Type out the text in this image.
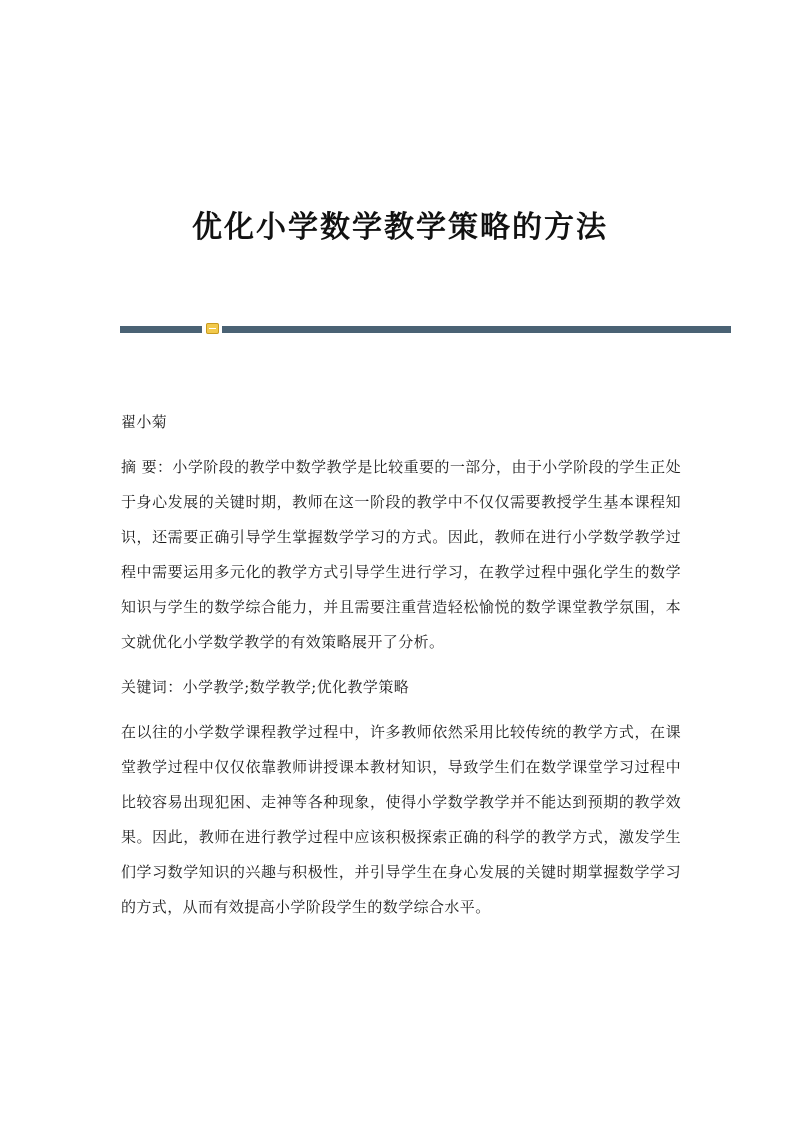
优化小学数学教学策略的方法

翟小菊

摘 要：小学阶段的教学中数学教学是比较重要的一部分，由于小学阶段的学生正处于身心发展的关键时期，教师在这一阶段的教学中不仅仅需要教授学生基本课程知识，还需要正确引导学生掌握数学学习的方式。因此，教师在进行小学数学教学过程中需要运用多元化的教学方式引导学生进行学习，在教学过程中强化学生的数学知识与学生的数学综合能力，并且需要注重营造轻松愉悦的数学课堂教学氛围，本文就优化小学数学教学的有效策略展开了分析。

关键词：小学教学;数学教学;优化教学策略

在以往的小学数学课程教学过程中，许多教师依然采用比较传统的教学方式，在课堂教学过程中仅仅依靠教师讲授课本教材知识，导致学生们在数学课堂学习过程中比较容易出现犯困、走神等各种现象，使得小学数学教学并不能达到预期的教学效果。因此，教师在进行教学过程中应该积极探索正确的科学的教学方式，激发学生们学习数学知识的兴趣与积极性，并引导学生在身心发展的关键时期掌握数学学习的方式，从而有效提高小学阶段学生的数学综合水平。
